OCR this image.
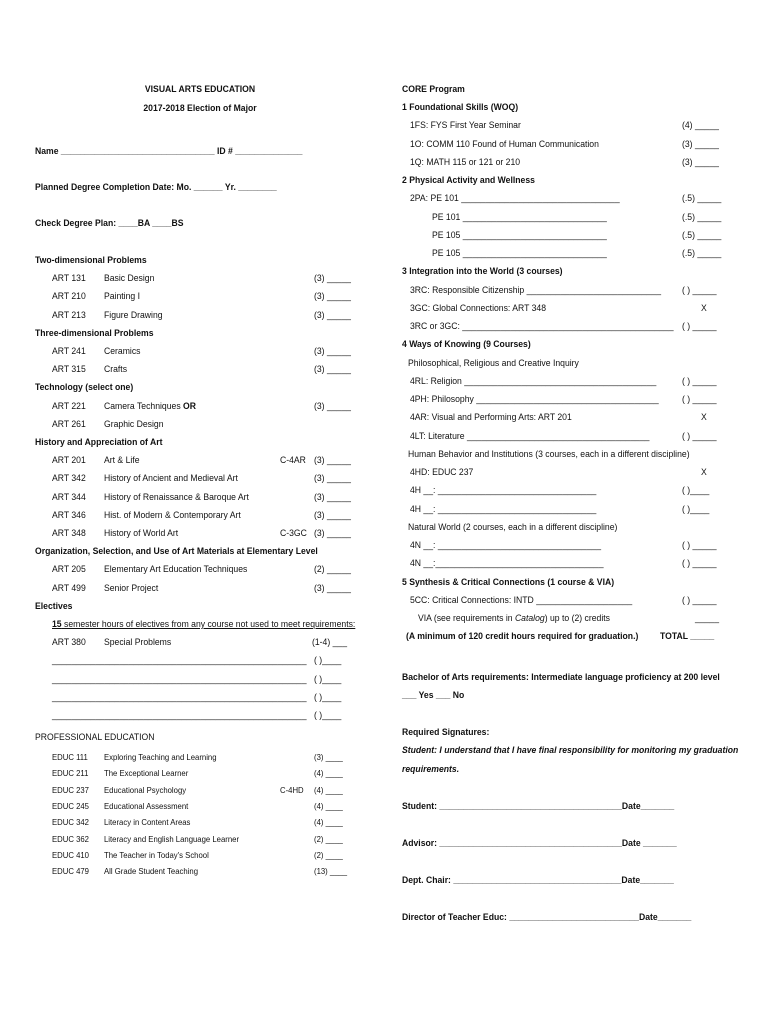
VISUAL ARTS EDUCATION
2017-2018 Election of Major
Name ________________________________ ID # ______________
Planned Degree Completion Date: Mo. ______ Yr. ________
Check Degree Plan: ____BA ____BS
CORE Program
Two-dimensional Problems
ART 131 Basic Design	(3) _____
ART 210 Painting I	(3) _____
ART 213 Figure Drawing	(3) _____
Three-dimensional Problems
ART 241 Ceramics	(3) _____
ART 315 Crafts	(3) _____
Technology (select one)
ART 221 Camera Techniques OR	(3) _____
ART 261 Graphic Design
History and Appreciation of Art
ART 201 Art & Life	C-4AR (3) _____
ART 342 History of Ancient and Medieval Art	(3) _____
ART 344 History of Renaissance & Baroque Art	(3) _____
ART 346 Hist. of Modern & Contemporary Art	(3) _____
ART 348 History of World Art	C-3GC (3) _____
Organization, Selection, and Use of Art Materials at Elementary Level
ART 205 Elementary Art Education Techniques	(2) _____
ART 499 Senior Project	(3) _____
Electives
15 semester hours of electives from any course not used to meet requirements:
ART 380 Special Problems	(1-4) ___
_____________________________________________________ ( )____
_____________________________________________________ ( )____
_____________________________________________________ ( )____
_____________________________________________________ ( )____
PROFESSIONAL EDUCATION
EDUC 111 Exploring Teaching and Learning	(3) ____
EDUC 211 The Exceptional Learner	(4) ____
EDUC 237 Educational Psychology	C-4HD (4) ____
EDUC 245 Educational Assessment	(4) ____
EDUC 342 Literacy in Content Areas	(4) ____
EDUC 362 Literacy and English Language Learner	(2) ____
EDUC 410 The Teacher in Today's School	(2) ____
EDUC 479 All Grade Student Teaching	(13) ____
1 Foundational Skills (WOQ)
1FS: FYS First Year Seminar	(4) _____
1O: COMM 110 Found of Human Communication	(3) _____
1Q: MATH 115 or 121 or 210	(3) _____
2 Physical Activity and Wellness
2PA: PE 101 _________________________________	(.5) _____
PE 101 ______________________________	(.5) _____
PE 105 ______________________________	(.5) _____
PE 105 ______________________________	(.5) _____
3 Integration into the World (3 courses)
3RC: Responsible Citizenship ____________________________ ( ) _____
3GC: Global Connections: ART 348	X
3RC or 3GC: ____________________________________________ ( ) _____
4 Ways of Knowing (9 Courses)
Philosophical, Religious and Creative Inquiry
4RL: Religion ________________________________________	( ) _____
4PH: Philosophy ______________________________________ ( ) _____
4AR: Visual and Performing Arts: ART 201	X
4LT: Literature ______________________________________	( ) _____
Human Behavior and Institutions (3 courses, each in a different discipline)
4HD: EDUC 237	X
4H __: _________________________________	( )____
4H __: _________________________________	( )____
Natural World (2 courses, each in a different discipline)
4N __: __________________________________	( ) _____
4N __:___________________________________	( ) _____
5 Synthesis & Critical Connections (1 course & VIA)
5CC: Critical Connections: INTD ____________________	( ) _____
VIA (see requirements in Catalog) up to (2) credits	_____
(A minimum of 120 credit hours required for graduation.) TOTAL _____
Bachelor of Arts requirements: Intermediate language proficiency at 200 level
___ Yes ___ No
Required Signatures:
Student: I understand that I have final responsibility for monitoring my graduation
requirements.
Student: ______________________________________Date_______
Advisor: ______________________________________Date _______
Dept. Chair: ___________________________________Date_______
Director of Teacher Educ: ___________________________Date_______
